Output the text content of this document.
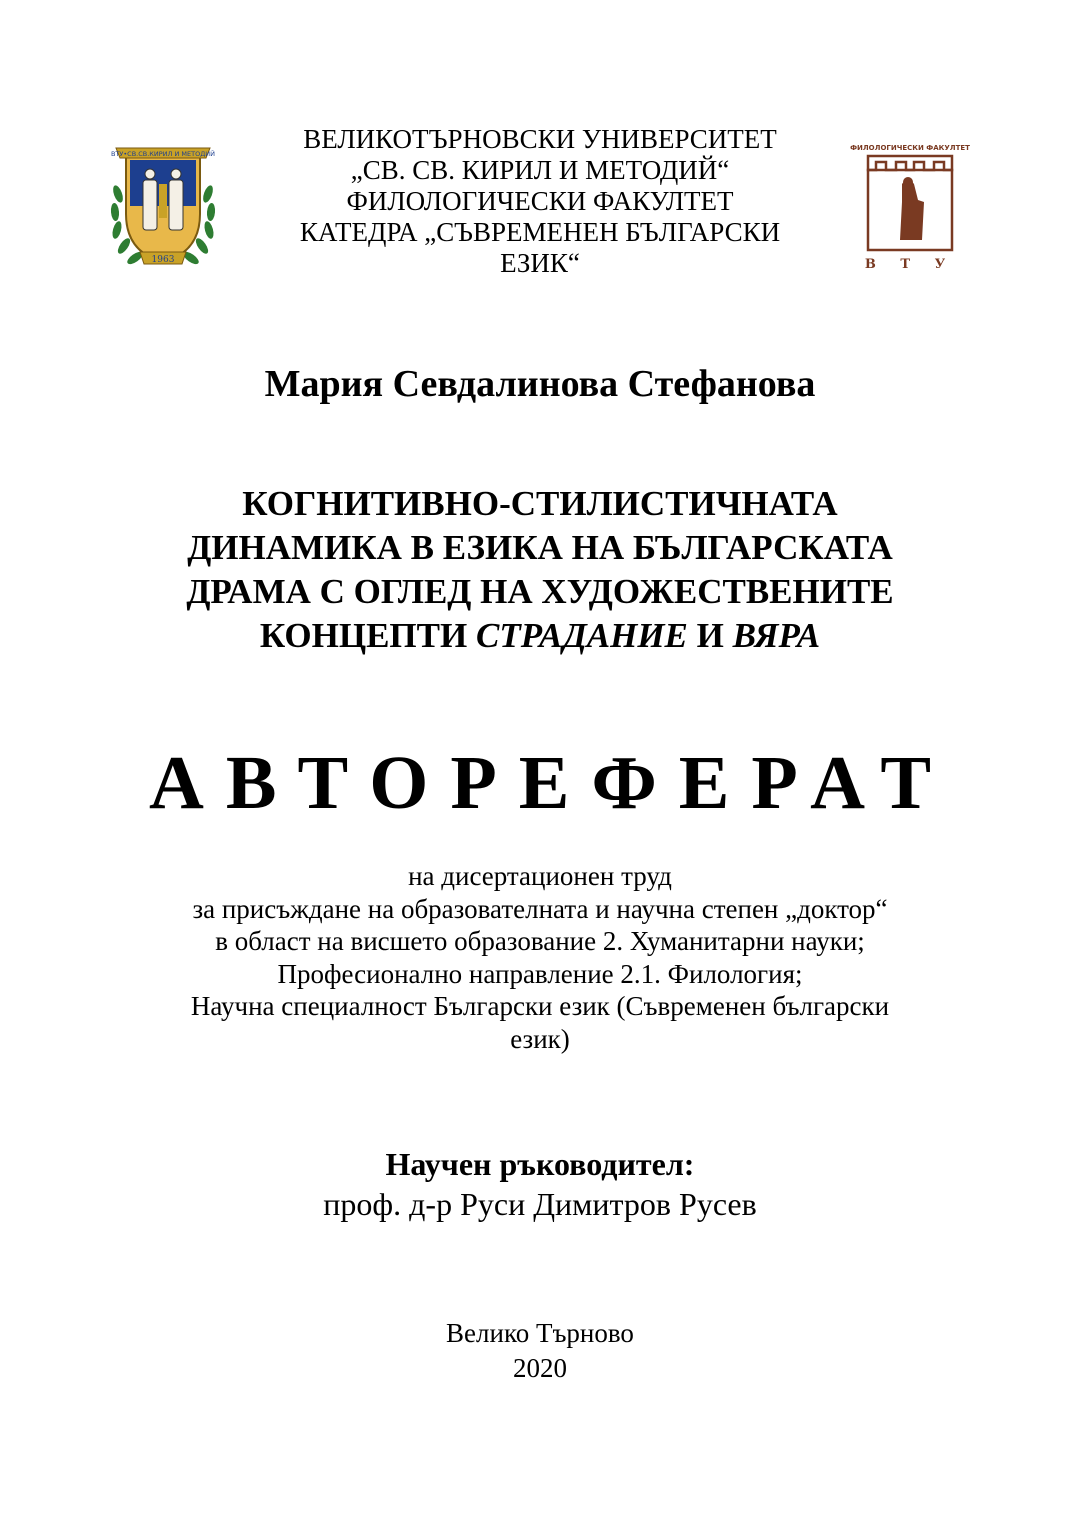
ВТУ•СВ.СВ.КИРИЛ И МЕТОДИЙ
1963
ВЕЛИКОТЪРНОВСКИ УНИВЕРСИТЕТ
„СВ. СВ. КИРИЛ И МЕТОДИЙ“
ФИЛОЛОГИЧЕСКИ ФАКУЛТЕТ
КАТЕДРА „СЪВРЕМЕНЕН БЪЛГАРСКИ
ЕЗИК“
ФИЛОЛОГИЧЕСКИ ФАКУЛТЕТ
В Т У
Мария Севдалинова Стефанова
КОГНИТИВНО-СТИЛИСТИЧНАТА
ДИНАМИКА В ЕЗИКА НА БЪЛГАРСКАТА
ДРАМА С ОГЛЕД НА ХУДОЖЕСТВЕНИТЕ
КОНЦЕПТИ СТРАДАНИЕ И ВЯРА
АВТОРЕФЕРАТ
на дисертационен труд
за присъждане на образователната и научна степен „доктор“
в област на висшето образование 2. Хуманитарни науки;
Професионално направление 2.1. Филология;
Научна специалност Български език (Съвременен български
език)
Научен ръководител:
проф. д-р Руси Димитров Русев
Велико Търново
2020
